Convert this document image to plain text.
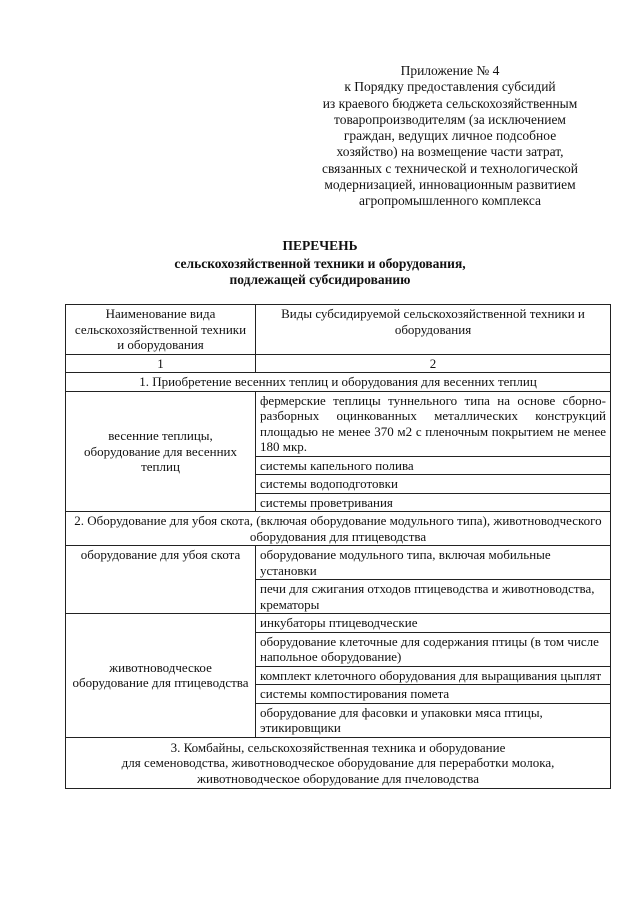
Приложение № 4
к Порядку предоставления субсидий
из краевого бюджета сельскохозяйственным
товаропроизводителям (за исключением
граждан, ведущих личное подсобное
хозяйство) на возмещение части затрат,
связанных с технической и технологической
модернизацией, инновационным развитием
агропромышленного комплекса
ПЕРЕЧЕНЬ
сельскохозяйственной техники и оборудования,
подлежащей субсидированию
Наименование вида сельскохозяйственной техники и оборудования	Виды субсидируемой сельскохозяйственной техники и оборудования
1	2
1. Приобретение весенних теплиц и оборудования для весенних теплиц	
весенние теплицы, оборудование для весенних теплиц	фермерские теплицы туннельного типа на основе сборно-разборных оцинкованных металлических конструкций площадью не менее 370 м2 с пленочным покрытием не менее 180 мкр.
	системы капельного полива
	системы водоподготовки
	системы проветривания
2. Оборудование для убоя скота, (включая оборудование модульного типа), животноводческого оборудования для птицеводства	
оборудование для убоя скота	оборудование модульного типа, включая мобильные установки
	печи для сжигания отходов птицеводства и животноводства, крематоры
животноводческое оборудование для птицеводства	инкубаторы птицеводческие
	оборудование клеточные для содержания птицы (в том числе напольное оборудование)
	комплект клеточного оборудования для выращивания цыплят
	системы компостирования помета
	оборудование для фасовки и упаковки мяса птицы, этикировщики

3. Комбайны, сельскохозяйственная техника и оборудование
для семеноводства, животноводческое оборудование для переработки молока,
животноводческое оборудование для пчеловодства	
